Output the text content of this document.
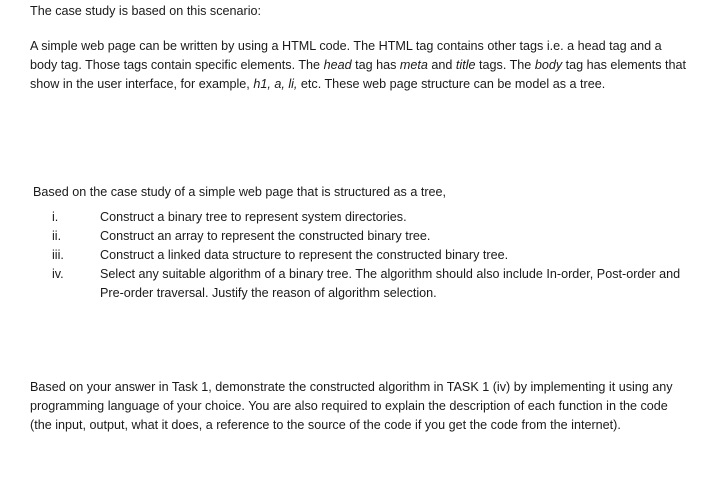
The case study is based on this scenario:

A simple web page can be written by using a HTML code. The HTML tag contains other tags i.e. a head tag and a body tag. Those tags contain specific elements. The head tag has meta and title tags. The body tag has elements that show in the user interface, for example, h1, a, li, etc. These web page structure can be model as a tree.

Based on the case study of a simple web page that is structured as a tree,

i.	Construct a binary tree to represent system directories.
ii.	Construct an array to represent the constructed binary tree.
iii.	Construct a linked data structure to represent the constructed binary tree.
iv.	Select any suitable algorithm of a binary tree. The algorithm should also include In-order, Post-order and Pre-order traversal. Justify the reason of algorithm selection.

Based on your answer in Task 1, demonstrate the constructed algorithm in TASK 1 (iv) by implementing it using any programming language of your choice. You are also required to explain the description of each function in the code (the input, output, what it does, a reference to the source of the code if you get the code from the internet).
